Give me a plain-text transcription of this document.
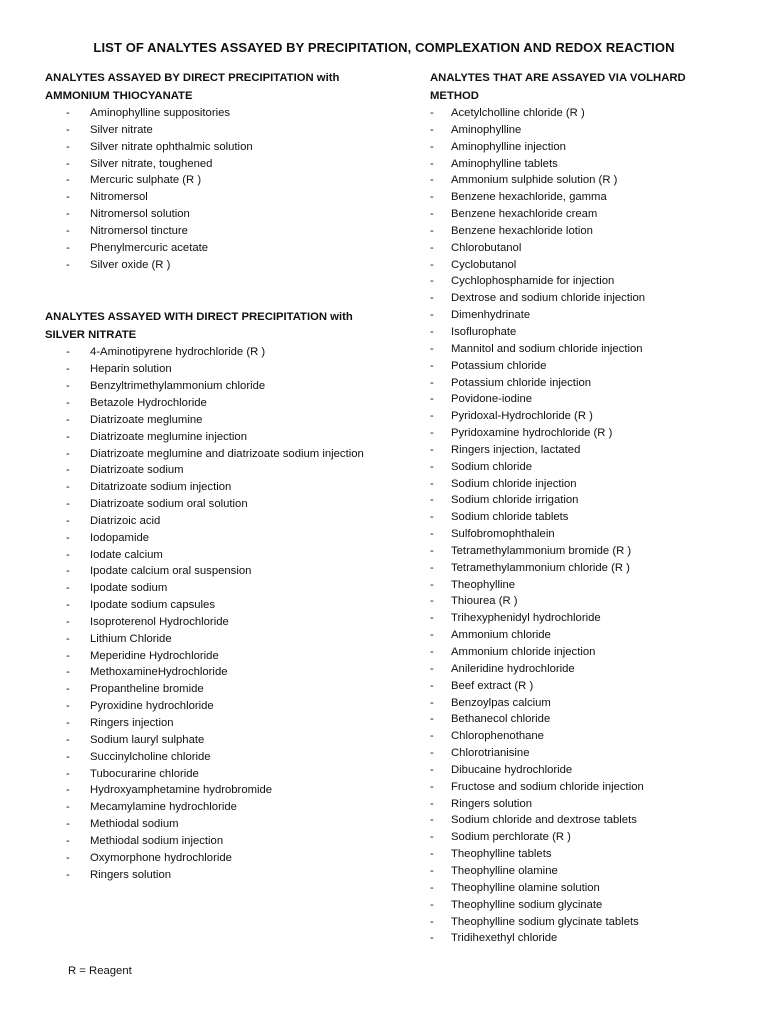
LIST OF ANALYTES ASSAYED BY PRECIPITATION, COMPLEXATION AND REDOX REACTION

ANALYTES ASSAYED BY DIRECT PRECIPITATION with
AMMONIUM THIOCYANATE

- Aminophylline suppositories
- Silver nitrate
- Silver nitrate ophthalmic solution
- Silver nitrate, toughened
- Mercuric sulphate (R )
- Nitromersol
- Nitromersol solution
- Nitromersol tincture
- Phenylmercuric acetate
- Silver oxide (R )

ANALYTES ASSAYED WITH DIRECT PRECIPITATION with
SILVER NITRATE

- 4-Aminotipyrene hydrochloride (R )
- Heparin solution
- Benzyltrimethylammonium chloride
- Betazole Hydrochloride
- Diatrizoate meglumine
- Diatrizoate meglumine injection
- Diatrizoate meglumine and diatrizoate sodium injection
- Diatrizoate sodium
- Ditatrizoate sodium injection
- Diatrizoate sodium oral solution
- Diatrizoic acid
- Iodopamide
- Iodate calcium
- Ipodate calcium oral suspension
- Ipodate sodium
- Ipodate sodium capsules
- Isoproterenol Hydrochloride
- Lithium Chloride
- Meperidine Hydrochloride
- MethoxamineHydrochloride
- Propantheline bromide
- Pyroxidine hydrochloride
- Ringers injection
- Sodium lauryl sulphate
- Succinylcholine chloride
- Tubocurarine chloride
- Hydroxyamphetamine hydrobromide
- Mecamylamine hydrochloride
- Methiodal sodium
- Methiodal sodium injection
- Oxymorphone hydrochloride
- Ringers solution

ANALYTES THAT ARE ASSAYED VIA VOLHARD
METHOD

- Acetylcholline chloride (R )
- Aminophylline
- Aminophylline injection
- Aminophylline tablets
- Ammonium sulphide solution (R )
- Benzene hexachloride, gamma
- Benzene hexachloride cream
- Benzene hexachloride lotion
- Chlorobutanol
- Cyclobutanol
- Cychlophosphamide for injection
- Dextrose and sodium chloride injection
- Dimenhydrinate
- Isoflurophate
- Mannitol and sodium chloride injection
- Potassium chloride
- Potassium chloride injection
- Povidone-iodine
- Pyridoxal-Hydrochloride (R )
- Pyridoxamine hydrochloride (R )
- Ringers injection, lactated
- Sodium chloride
- Sodium chloride injection
- Sodium chloride irrigation
- Sodium chloride tablets
- Sulfobromophthalein
- Tetramethylammonium bromide (R )
- Tetramethylammonium chloride (R )
- Theophylline
- Thiourea (R )
- Trihexyphenidyl hydrochloride
- Ammonium chloride
- Ammonium chloride injection
- Anileridine hydrochloride
- Beef extract (R )
- Benzoylpas calcium
- Bethanecol chloride
- Chlorophenothane
- Chlorotrianisine
- Dibucaine hydrochloride
- Fructose and sodium chloride injection
- Ringers solution
- Sodium chloride and dextrose tablets
- Sodium perchlorate (R )
- Theophylline tablets
- Theophylline olamine
- Theophylline olamine solution
- Theophylline sodium glycinate
- Theophylline sodium glycinate tablets
- Tridihexethyl chloride
R = Reagent
